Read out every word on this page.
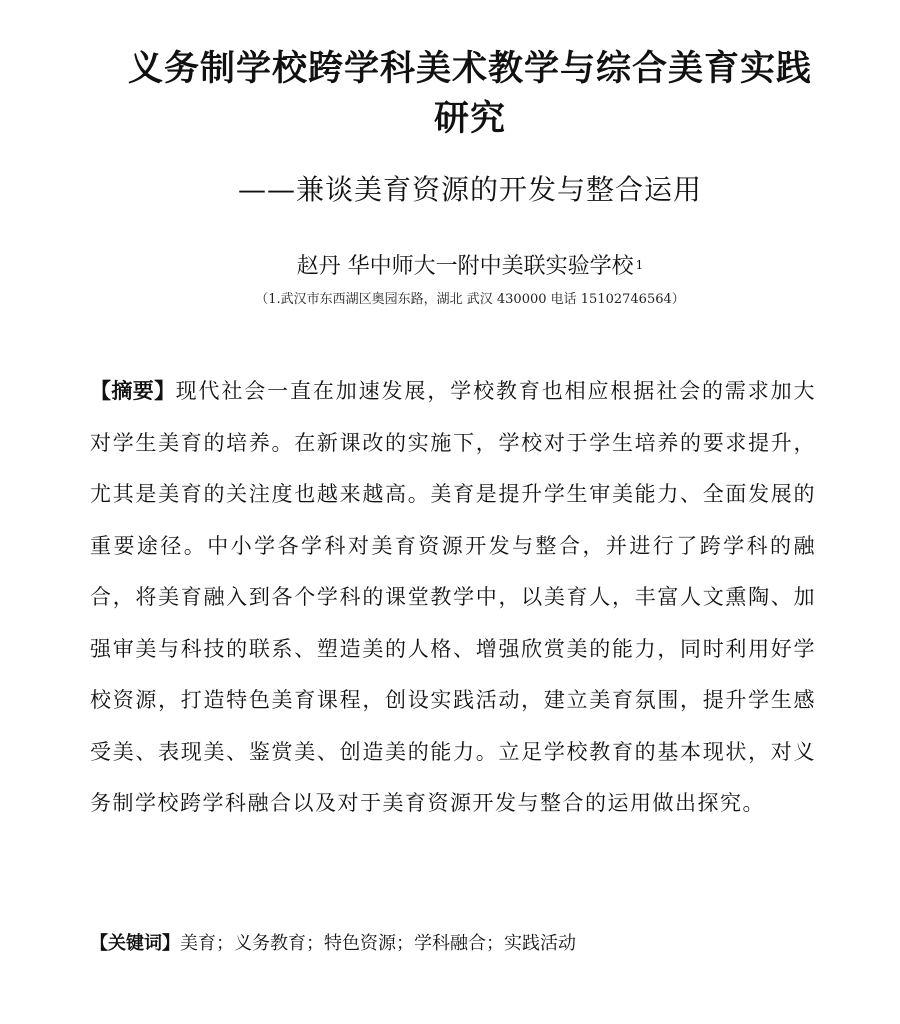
义务制学校跨学科美术教学与综合美育实践研究
——兼谈美育资源的开发与整合运用
赵丹 华中师大一附中美联实验学校 $^1$
（1.武汉市东西湖区奥园东路，湖北 武汉 430000 电话 15102746564）
【摘要】现代社会一直在加速发展，学校教育也相应根据社会的需求加大对学生美育的培养。在新课改的实施下，学校对于学生培养的要求提升，尤其是美育的关注度也越来越高。美育是提升学生审美能力、全面发展的重要途径。中小学各学科对美育资源开发与整合，并进行了跨学科的融合，将美育融入到各个学科的课堂教学中，以美育人，丰富人文熏陶、加强审美与科技的联系、塑造美的人格、增强欣赏美的能力，同时利用好学校资源，打造特色美育课程，创设实践活动，建立美育氛围，提升学生感受美、表现美、鉴赏美、创造美的能力。立足学校教育的基本现状，对义务制学校跨学科融合以及对于美育资源开发与整合的运用做出探究。
【关键词】美育；义务教育；特色资源；学科融合；实践活动
